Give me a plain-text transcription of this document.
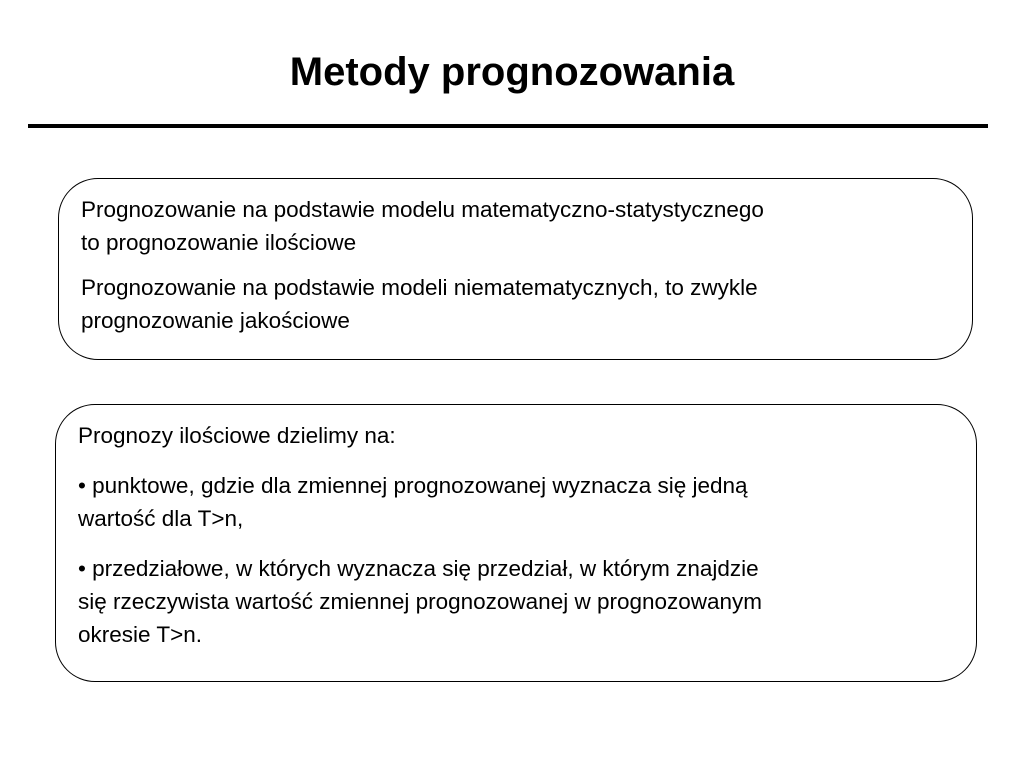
Metody prognozowania

Prognozowanie na podstawie modelu matematyczno-statystycznego
to prognozowanie ilościowe

Prognozowanie na podstawie modeli niematematycznych, to zwykle
prognozowanie jakościowe

Prognozy ilościowe dzielimy na:

• punktowe, gdzie dla zmiennej prognozowanej wyznacza się jedną
wartość dla T>n,

• przedziałowe, w których wyznacza się przedział, w którym znajdzie
się rzeczywista wartość zmiennej prognozowanej w prognozowanym
okresie T>n.
